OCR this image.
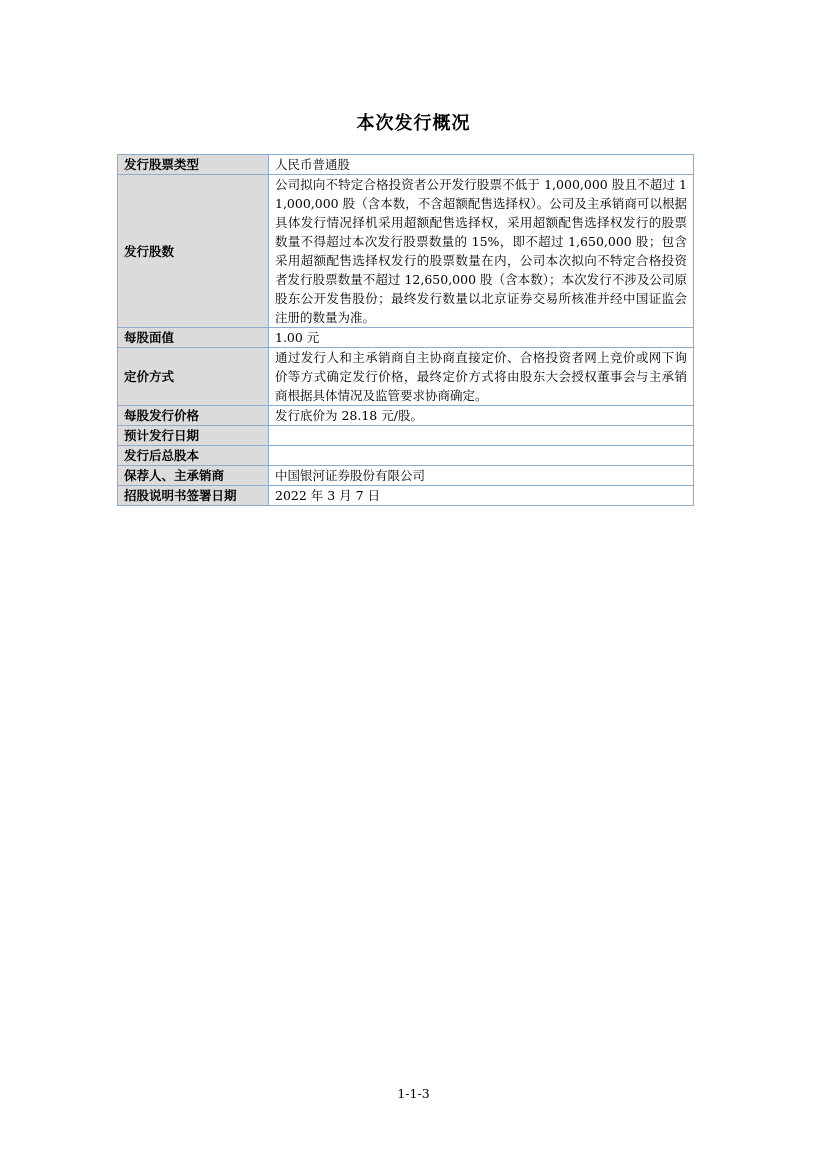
本次发行概况
发行股票类型	人民币普通股
发行股数	公司拟向不特定合格投资者公开发行股票不低于 1,000,000 股且不超过 11,000,000 股（含本数，不含超额配售选择权）。公司及主承销商可以根据具体发行情况择机采用超额配售选择权，采用超额配售选择权发行的股票数量不得超过本次发行股票数量的 15%，即不超过 1,650,000 股；包含采用超额配售选择权发行的股票数量在内，公司本次拟向不特定合格投资者发行股票数量不超过 12,650,000 股（含本数）；本次发行不涉及公司原股东公开发售股份；最终发行数量以北京证券交易所核准并经中国证监会注册的数量为准。
每股面值	1.00 元
定价方式	通过发行人和主承销商自主协商直接定价、合格投资者网上竞价或网下询价等方式确定发行价格，最终定价方式将由股东大会授权董事会与主承销商根据具体情况及监管要求协商确定。
每股发行价格	发行底价为 28.18 元/股。
预计发行日期	
发行后总股本	
保荐人、主承销商	中国银河证券股份有限公司
招股说明书签署日期	2022 年 3 月 7 日
1-1-3
